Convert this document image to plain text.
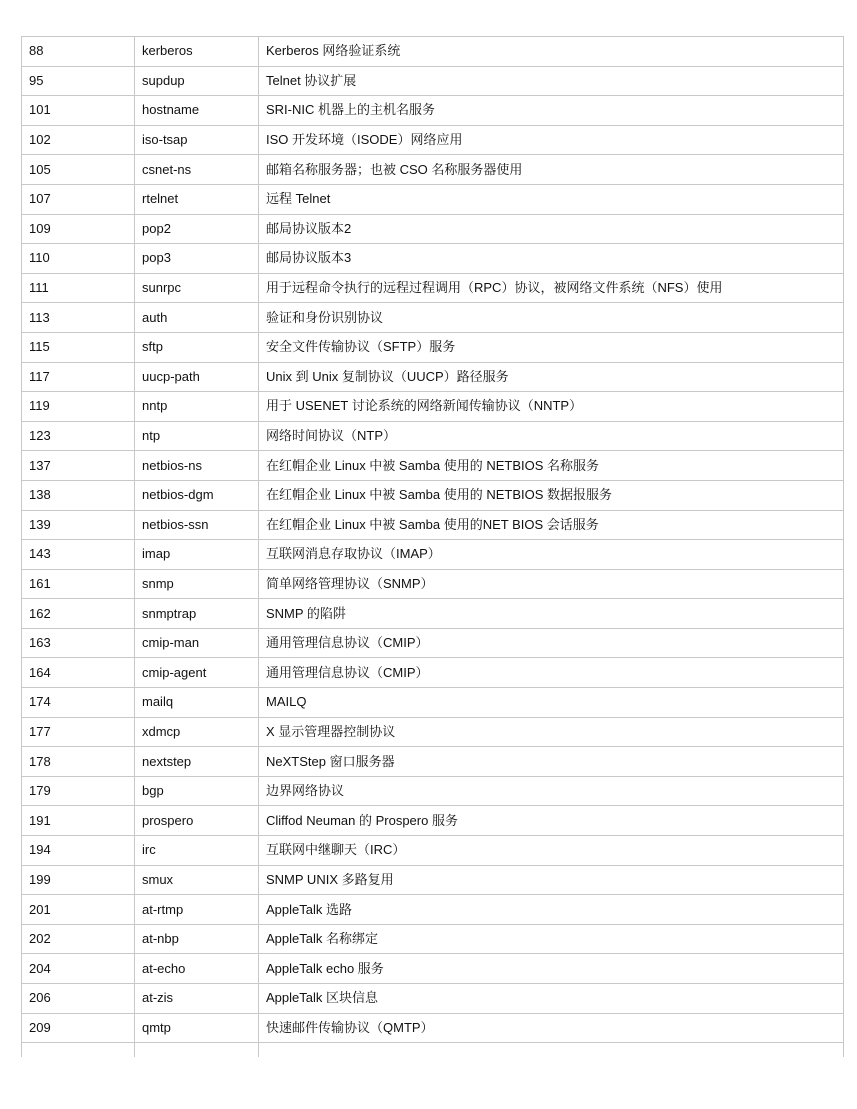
88	kerberos	Kerberos 网络验证系统
95	supdup	Telnet 协议扩展
101	hostname	SRI-NIC 机器上的主机名服务
102	iso-tsap	ISO 开发环境（ISODE）网络应用
105	csnet-ns	邮箱名称服务器；也被 CSO 名称服务器使用
107	rtelnet	远程 Telnet
109	pop2	邮局协议版本2
110	pop3	邮局协议版本3
111	sunrpc	用于远程命令执行的远程过程调用（RPC）协议，被网络文件系统（NFS）使用
113	auth	验证和身份识别协议
115	sftp	安全文件传输协议（SFTP）服务
117	uucp-path	Unix 到 Unix 复制协议（UUCP）路径服务
119	nntp	用于 USENET 讨论系统的网络新闻传输协议（NNTP）
123	ntp	网络时间协议（NTP）
137	netbios-ns	在红帽企业 Linux 中被 Samba 使用的 NETBIOS 名称服务
138	netbios-dgm	在红帽企业 Linux 中被 Samba 使用的 NETBIOS 数据报服务
139	netbios-ssn	在红帽企业 Linux 中被 Samba 使用的NET BIOS 会话服务
143	imap	互联网消息存取协议（IMAP）
161	snmp	简单网络管理协议（SNMP）
162	snmptrap	SNMP 的陷阱
163	cmip-man	通用管理信息协议（CMIP）
164	cmip-agent	通用管理信息协议（CMIP）
174	mailq	MAILQ
177	xdmcp	X 显示管理器控制协议
178	nextstep	NeXTStep 窗口服务器
179	bgp	边界网络协议
191	prospero	Cliffod Neuman 的 Prospero 服务
194	irc	互联网中继聊天（IRC）
199	smux	SNMP UNIX 多路复用
201	at-rtmp	AppleTalk 选路
202	at-nbp	AppleTalk 名称绑定
204	at-echo	AppleTalk echo 服务
206	at-zis	AppleTalk 区块信息
209	qmtp	快速邮件传输协议（QMTP）
